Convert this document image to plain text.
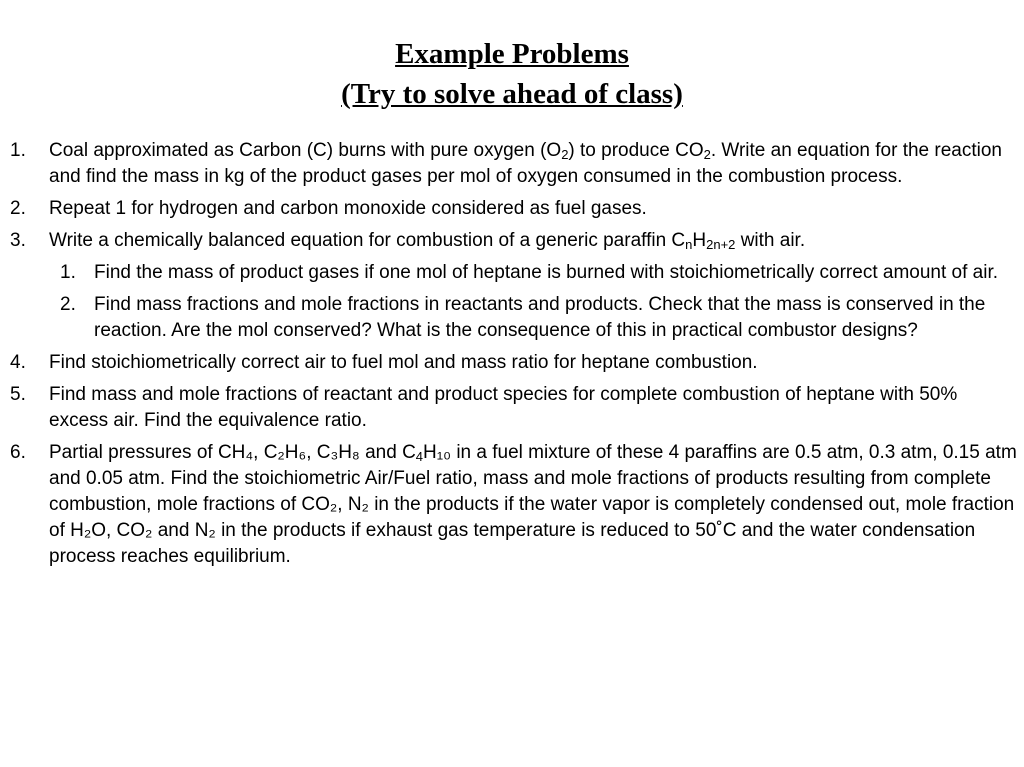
Example Problems
(Try to solve ahead of class)
1. Coal approximated as Carbon (C) burns with pure oxygen $(O_2)$ to produce $CO_2$. Write an equation for the reaction and find the mass in kg of the product gases per mol of oxygen consumed in the combustion process.
2. Repeat 1 for hydrogen and carbon monoxide considered as fuel gases.
3. Write a chemically balanced equation for combustion of a generic paraffin $C_nH_{2n+2}$ with air.
1. Find the mass of product gases if one mol of heptane is burned with stoichiometrically correct amount of air.
2. Find mass fractions and mole fractions in reactants and products. Check that the mass is conserved in the reaction. Are the mol conserved? What is the consequence of this in practical combustor designs?
4. Find stoichiometrically correct air to fuel mol and mass ratio for heptane combustion.
5. Find mass and mole fractions of reactant and product species for complete combustion of heptane with 50% excess air. Find the equivalence ratio.
6. Partial pressures of CH₄, C₂H₆, C₃H₈ and $C_4H_{10}$ in a fuel mixture of these 4 paraffins are 0.5 atm, 0.3 atm, 0.15 atm and 0.05 atm. Find the stoichiometric Air/Fuel ratio, mass and mole fractions of products resulting from complete combustion, mole fractions of CO₂, N₂ in the products if the water vapor is completely condensed out, mole fraction of H₂O, CO₂ and N₂ in the products if exhaust gas temperature is reduced to 50˚C and the water condensation process reaches equilibrium.
